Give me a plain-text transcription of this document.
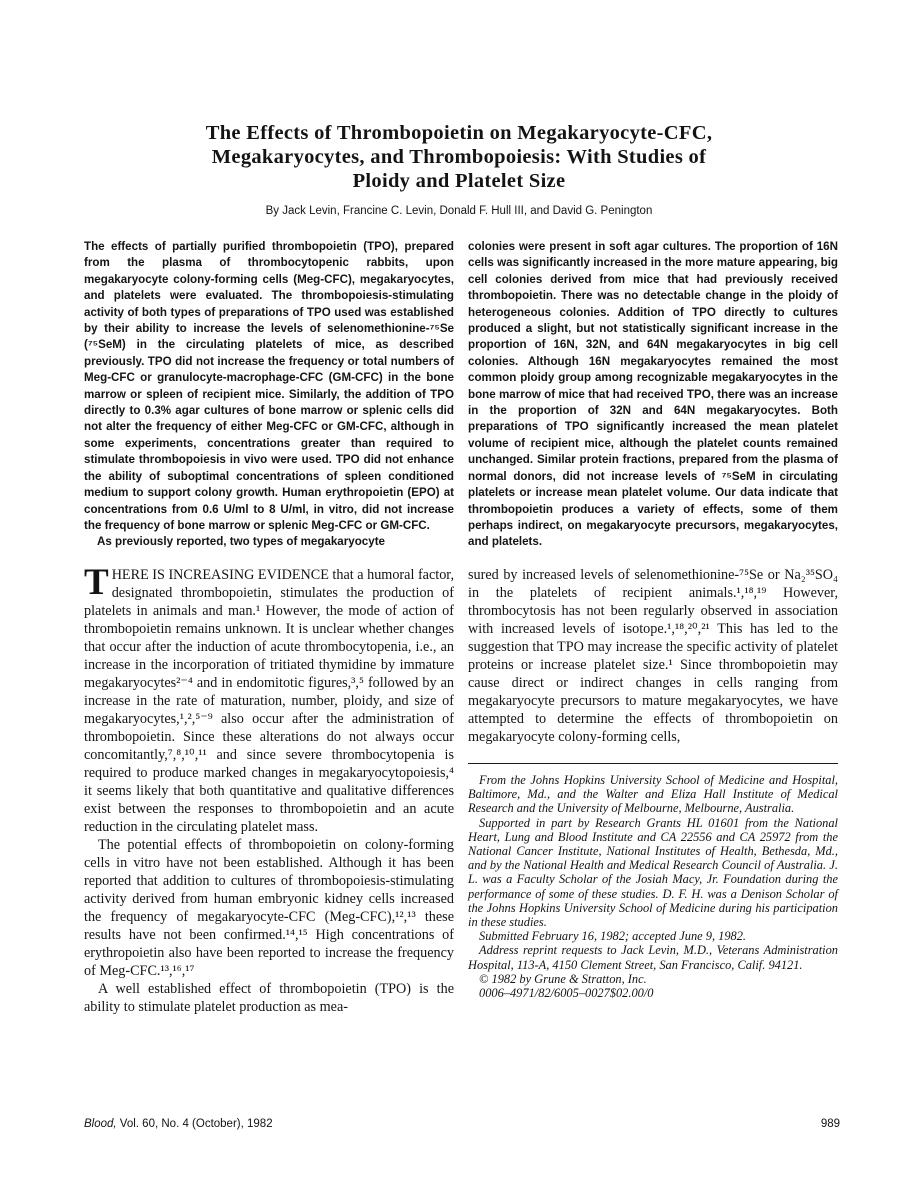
The Effects of Thrombopoietin on Megakaryocyte-CFC,
Megakaryocytes, and Thrombopoiesis: With Studies of
Ploidy and Platelet Size
By Jack Levin, Francine C. Levin, Donald F. Hull III, and David G. Penington

The effects of partially purified thrombopoietin (TPO), prepared from the plasma of thrombocytopenic rabbits, upon megakaryocyte colony-forming cells (Meg-CFC), megakaryocytes, and platelets were evaluated. The thrombopoiesis-stimulating activity of both types of preparations of TPO used was established by their ability to increase the levels of selenomethionine-⁷⁵Se (⁷⁵SeM) in the circulating platelets of mice, as described previously. TPO did not increase the frequency or total numbers of Meg-CFC or granulocyte-macrophage-CFC (GM-CFC) in the bone marrow or spleen of recipient mice. Similarly, the addition of TPO directly to 0.3% agar cultures of bone marrow or splenic cells did not alter the frequency of either Meg-CFC or GM-CFC, although in some experiments, concentrations greater than required to stimulate thrombopoiesis in vivo were used. TPO did not enhance the ability of suboptimal concentrations of spleen conditioned medium to support colony growth. Human erythropoietin (EPO) at concentrations from 0.6 U/ml to 8 U/ml, in vitro, did not increase the frequency of bone marrow or splenic Meg-CFC or GM-CFC.

As previously reported, two types of megakaryocyte

colonies were present in soft agar cultures. The proportion of 16N cells was significantly increased in the more mature appearing, big cell colonies derived from mice that had previously received thrombopoietin. There was no detectable change in the ploidy of heterogeneous colonies. Addition of TPO directly to cultures produced a slight, but not statistically significant increase in the proportion of 16N, 32N, and 64N megakaryocytes in big cell colonies. Although 16N megakaryocytes remained the most common ploidy group among recognizable megakaryocytes in the bone marrow of mice that had received TPO, there was an increase in the proportion of 32N and 64N megakaryocytes. Both preparations of TPO significantly increased the mean platelet volume of recipient mice, although the platelet counts remained unchanged. Similar protein fractions, prepared from the plasma of normal donors, did not increase levels of ⁷⁵SeM in circulating platelets or increase mean platelet volume. Our data indicate that thrombopoietin produces a variety of effects, some of them perhaps indirect, on megakaryocyte precursors, megakaryocytes, and platelets.

THERE IS INCREASING EVIDENCE that a humoral factor, designated thrombopoietin, stimulates the production of platelets in animals and man.¹ However, the mode of action of thrombopoietin remains unknown. It is unclear whether changes that occur after the induction of acute thrombocytopenia, i.e., an increase in the incorporation of tritiated thymidine by immature megakaryocytes²⁻⁴ and in endomitotic figures,³,⁵ followed by an increase in the rate of maturation, number, ploidy, and size of megakaryocytes,¹,²,⁵⁻⁹ also occur after the administration of thrombopoietin. Since these alterations do not always occur concomitantly,⁷,⁸,¹⁰,¹¹ and since severe thrombocytopenia is required to produce marked changes in megakaryocytopoiesis,⁴ it seems likely that both quantitative and qualitative differences exist between the responses to thrombopoietin and an acute reduction in the circulating platelet mass.

The potential effects of thrombopoietin on colony-forming cells in vitro have not been established. Although it has been reported that addition to cultures of thrombopoiesis-stimulating activity derived from human embryonic kidney cells increased the frequency of megakaryocyte-CFC (Meg-CFC),¹²,¹³ these results have not been confirmed.¹⁴,¹⁵ High concentrations of erythropoietin also have been reported to increase the frequency of Meg-CFC.¹³,¹⁶,¹⁷

A well established effect of thrombopoietin (TPO) is the ability to stimulate platelet production as mea-

sured by increased levels of selenomethionine-⁷⁵Se or Na₂³⁵SO₄ in the platelets of recipient animals.¹,¹⁸,¹⁹ However, thrombocytosis has not been regularly observed in association with increased levels of isotope.¹,¹⁸,²⁰,²¹ This has led to the suggestion that TPO may increase the specific activity of platelet proteins or increase platelet size.¹ Since thrombopoietin may cause direct or indirect changes in cells ranging from megakaryocyte precursors to mature megakaryocytes, we have attempted to determine the effects of thrombopoietin on megakaryocyte colony-forming cells,

From the Johns Hopkins University School of Medicine and Hospital, Baltimore, Md., and the Walter and Eliza Hall Institute of Medical Research and the University of Melbourne, Melbourne, Australia.

Supported in part by Research Grants HL 01601 from the National Heart, Lung and Blood Institute and CA 22556 and CA 25972 from the National Cancer Institute, National Institutes of Health, Bethesda, Md., and by the National Health and Medical Research Council of Australia. J. L. was a Faculty Scholar of the Josiah Macy, Jr. Foundation during the performance of some of these studies. D. F. H. was a Denison Scholar of the Johns Hopkins University School of Medicine during his participation in these studies.

Submitted February 16, 1982; accepted June 9, 1982.

Address reprint requests to Jack Levin, M.D., Veterans Administration Hospital, 113-A, 4150 Clement Street, San Francisco, Calif. 94121.

© 1982 by Grune & Stratton, Inc.

0006–4971/82/6005–0027$02.00/0

Blood, Vol. 60, No. 4 (October), 1982	989
